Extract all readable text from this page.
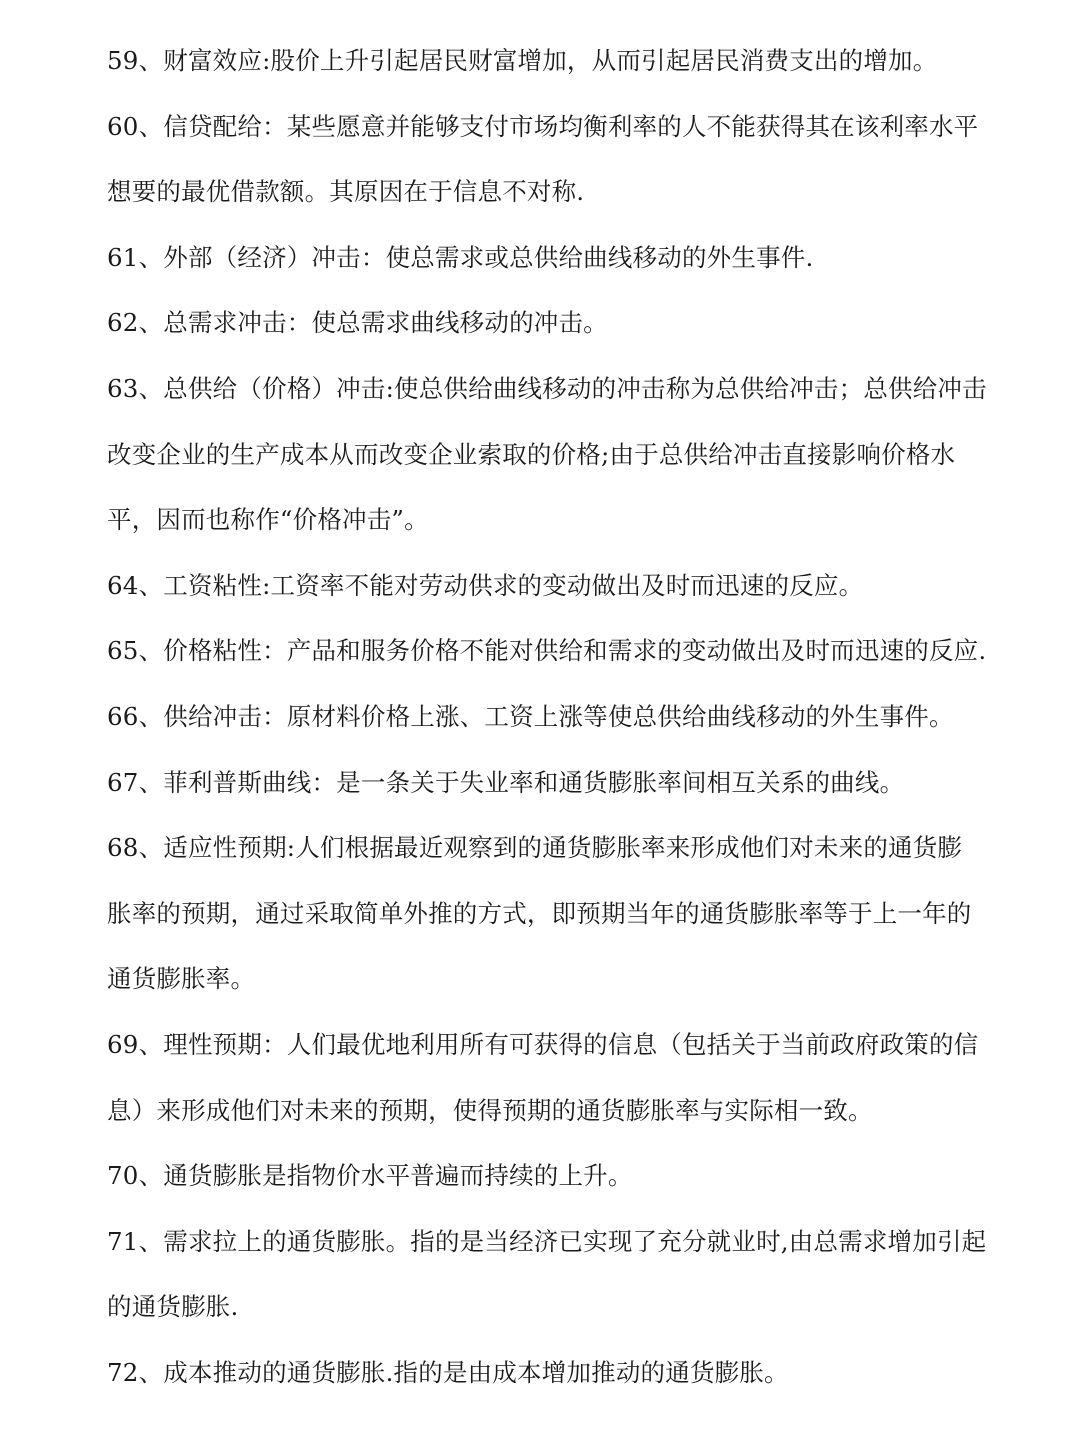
59、财富效应:股价上升引起居民财富增加，从而引起居民消费支出的增加。
60、信贷配给：某些愿意并能够支付市场均衡利率的人不能获得其在该利率水平
想要的最优借款额。其原因在于信息不对称.
61、外部（经济）冲击：使总需求或总供给曲线移动的外生事件.
62、总需求冲击：使总需求曲线移动的冲击。
63、总供给（价格）冲击:使总供给曲线移动的冲击称为总供给冲击；总供给冲击
改变企业的生产成本从而改变企业索取的价格;由于总供给冲击直接影响价格水
平，因而也称作“价格冲击”。
64、工资粘性:工资率不能对劳动供求的变动做出及时而迅速的反应。
65、价格粘性：产品和服务价格不能对供给和需求的变动做出及时而迅速的反应.
66、供给冲击：原材料价格上涨、工资上涨等使总供给曲线移动的外生事件。
67、菲利普斯曲线：是一条关于失业率和通货膨胀率间相互关系的曲线。
68、适应性预期:人们根据最近观察到的通货膨胀率来形成他们对未来的通货膨
胀率的预期，通过采取简单外推的方式，即预期当年的通货膨胀率等于上一年的
通货膨胀率。
69、理性预期：人们最优地利用所有可获得的信息（包括关于当前政府政策的信
息）来形成他们对未来的预期，使得预期的通货膨胀率与实际相一致。
70、通货膨胀是指物价水平普遍而持续的上升。
71、需求拉上的通货膨胀。指的是当经济已实现了充分就业时,由总需求增加引起
的通货膨胀.
72、成本推动的通货膨胀.指的是由成本增加推动的通货膨胀。
